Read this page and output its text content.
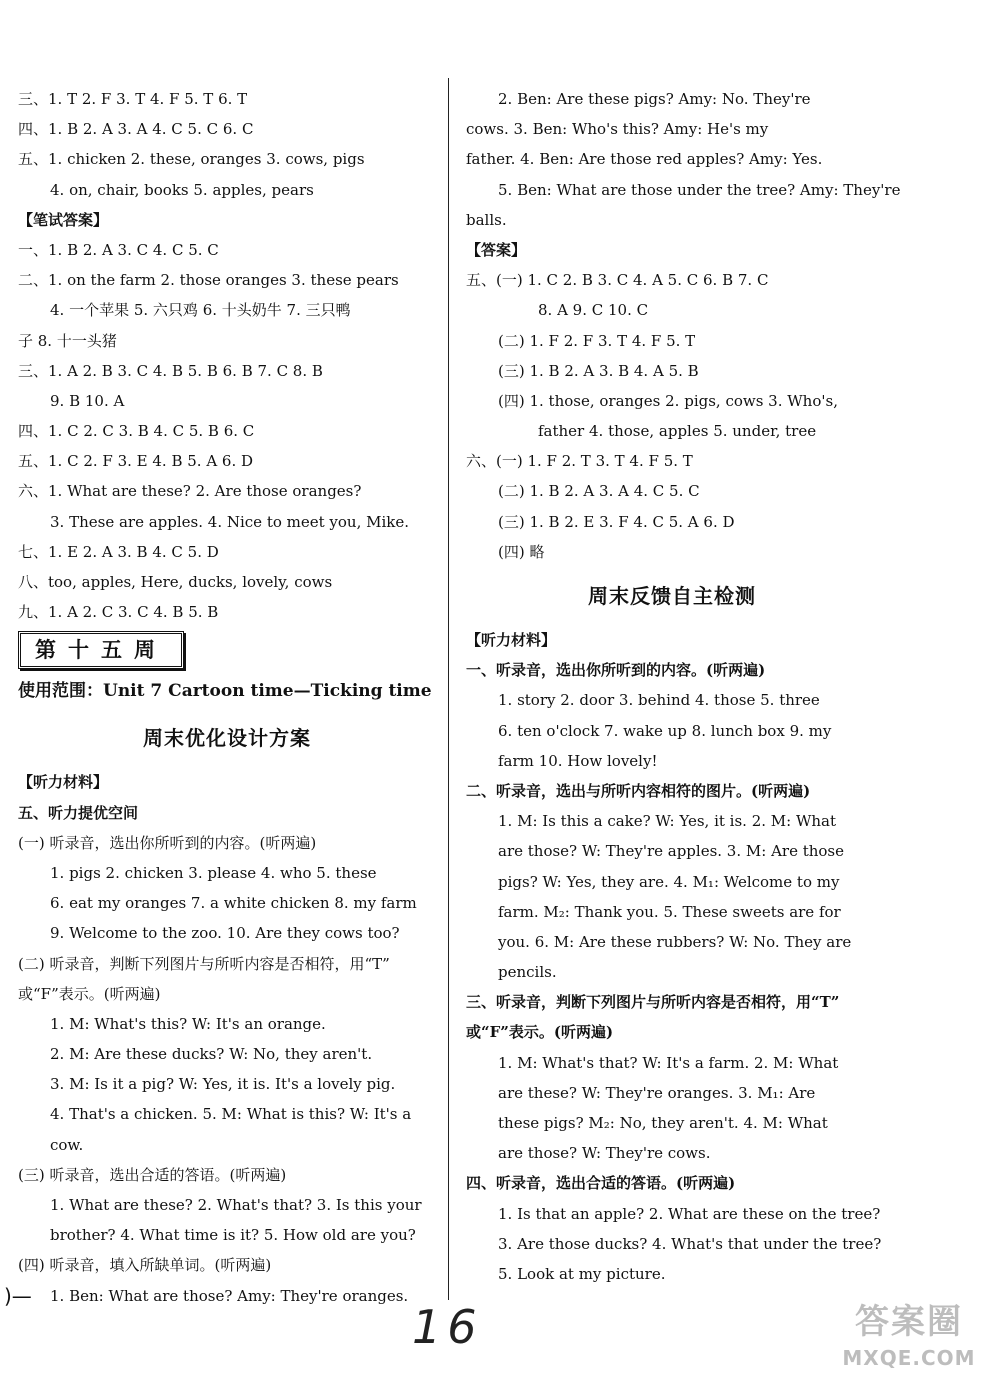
三、1. T 2. F 3. T 4. F 5. T 6. T
四、1. B 2. A 3. A 4. C 5. C 6. C
五、1. chicken 2. these, oranges 3. cows, pigs
4. on, chair, books 5. apples, pears
【笔试答案】
一、1. B 2. A 3. C 4. C 5. C
二、1. on the farm 2. those oranges 3. these pears
4. 一个苹果 5. 六只鸡 6. 十头奶牛 7. 三只鸭
子 8. 十一头猪
三、1. A 2. B 3. C 4. B 5. B 6. B 7. C 8. B
9. B 10. A
四、1. C 2. C 3. B 4. C 5. B 6. C
五、1. C 2. F 3. E 4. B 5. A 6. D
六、1. What are these? 2. Are those oranges?
3. These are apples. 4. Nice to meet you, Mike.
七、1. E 2. A 3. B 4. C 5. D
八、too, apples, Here, ducks, lovely, cows
九、1. A 2. C 3. C 4. B 5. B
第十五周
使用范围：Unit 7 Cartoon time—Ticking time
周末优化设计方案
【听力材料】
五、听力提优空间
(一) 听录音，选出你所听到的内容。(听两遍)
1. pigs 2. chicken 3. please 4. who 5. these
6. eat my oranges 7. a white chicken 8. my farm
9. Welcome to the zoo. 10. Are they cows too?
(二) 听录音，判断下列图片与所听内容是否相符，用“T”
或“F”表示。(听两遍)
1. M: What's this? W: It's an orange.
2. M: Are these ducks? W: No, they aren't.
3. M: Is it a pig? W: Yes, it is. It's a lovely pig.
4. That's a chicken. 5. M: What is this? W: It's a
cow.
(三) 听录音，选出合适的答语。(听两遍)
1. What are these? 2. What's that? 3. Is this your
brother? 4. What time is it? 5. How old are you?
(四) 听录音，填入所缺单词。(听两遍)
1. Ben: What are those? Amy: They're oranges.
2. Ben: Are these pigs? Amy: No. They're
cows. 3. Ben: Who's this? Amy: He's my
father. 4. Ben: Are those red apples? Amy: Yes.
5. Ben: What are those under the tree? Amy: They're
balls.
【答案】
五、(一) 1. C 2. B 3. C 4. A 5. C 6. B 7. C
8. A 9. C 10. C
(二) 1. F 2. F 3. T 4. F 5. T
(三) 1. B 2. A 3. B 4. A 5. B
(四) 1. those, oranges 2. pigs, cows 3. Who's,
father 4. those, apples 5. under, tree
六、(一) 1. F 2. T 3. T 4. F 5. T
(二) 1. B 2. A 3. A 4. C 5. C
(三) 1. B 2. E 3. F 4. C 5. A 6. D
(四) 略
周末反馈自主检测
【听力材料】
一、听录音，选出你所听到的内容。(听两遍)
1. story 2. door 3. behind 4. those 5. three
6. ten o'clock 7. wake up 8. lunch box 9. my
farm 10. How lovely!
二、听录音，选出与所听内容相符的图片。(听两遍)
1. M: Is this a cake? W: Yes, it is. 2. M: What
are those? W: They're apples. 3. M: Are those
pigs? W: Yes, they are. 4. M₁: Welcome to my
farm. M₂: Thank you. 5. These sweets are for
you. 6. M: Are these rubbers? W: No. They are
pencils.
三、听录音，判断下列图片与所听内容是否相符，用“T”
或“F”表示。(听两遍)
1. M: What's that? W: It's a farm. 2. M: What
are these? W: They're oranges. 3. M₁: Are
these pigs? M₂: No, they aren't. 4. M: What
are those? W: They're cows.
四、听录音，选出合适的答语。(听两遍)
1. Is that an apple? 2. What are these on the tree?
3. Are those ducks? 4. What's that under the tree?
5. Look at my picture.
)—
16	答案圈
MXQE.COM
